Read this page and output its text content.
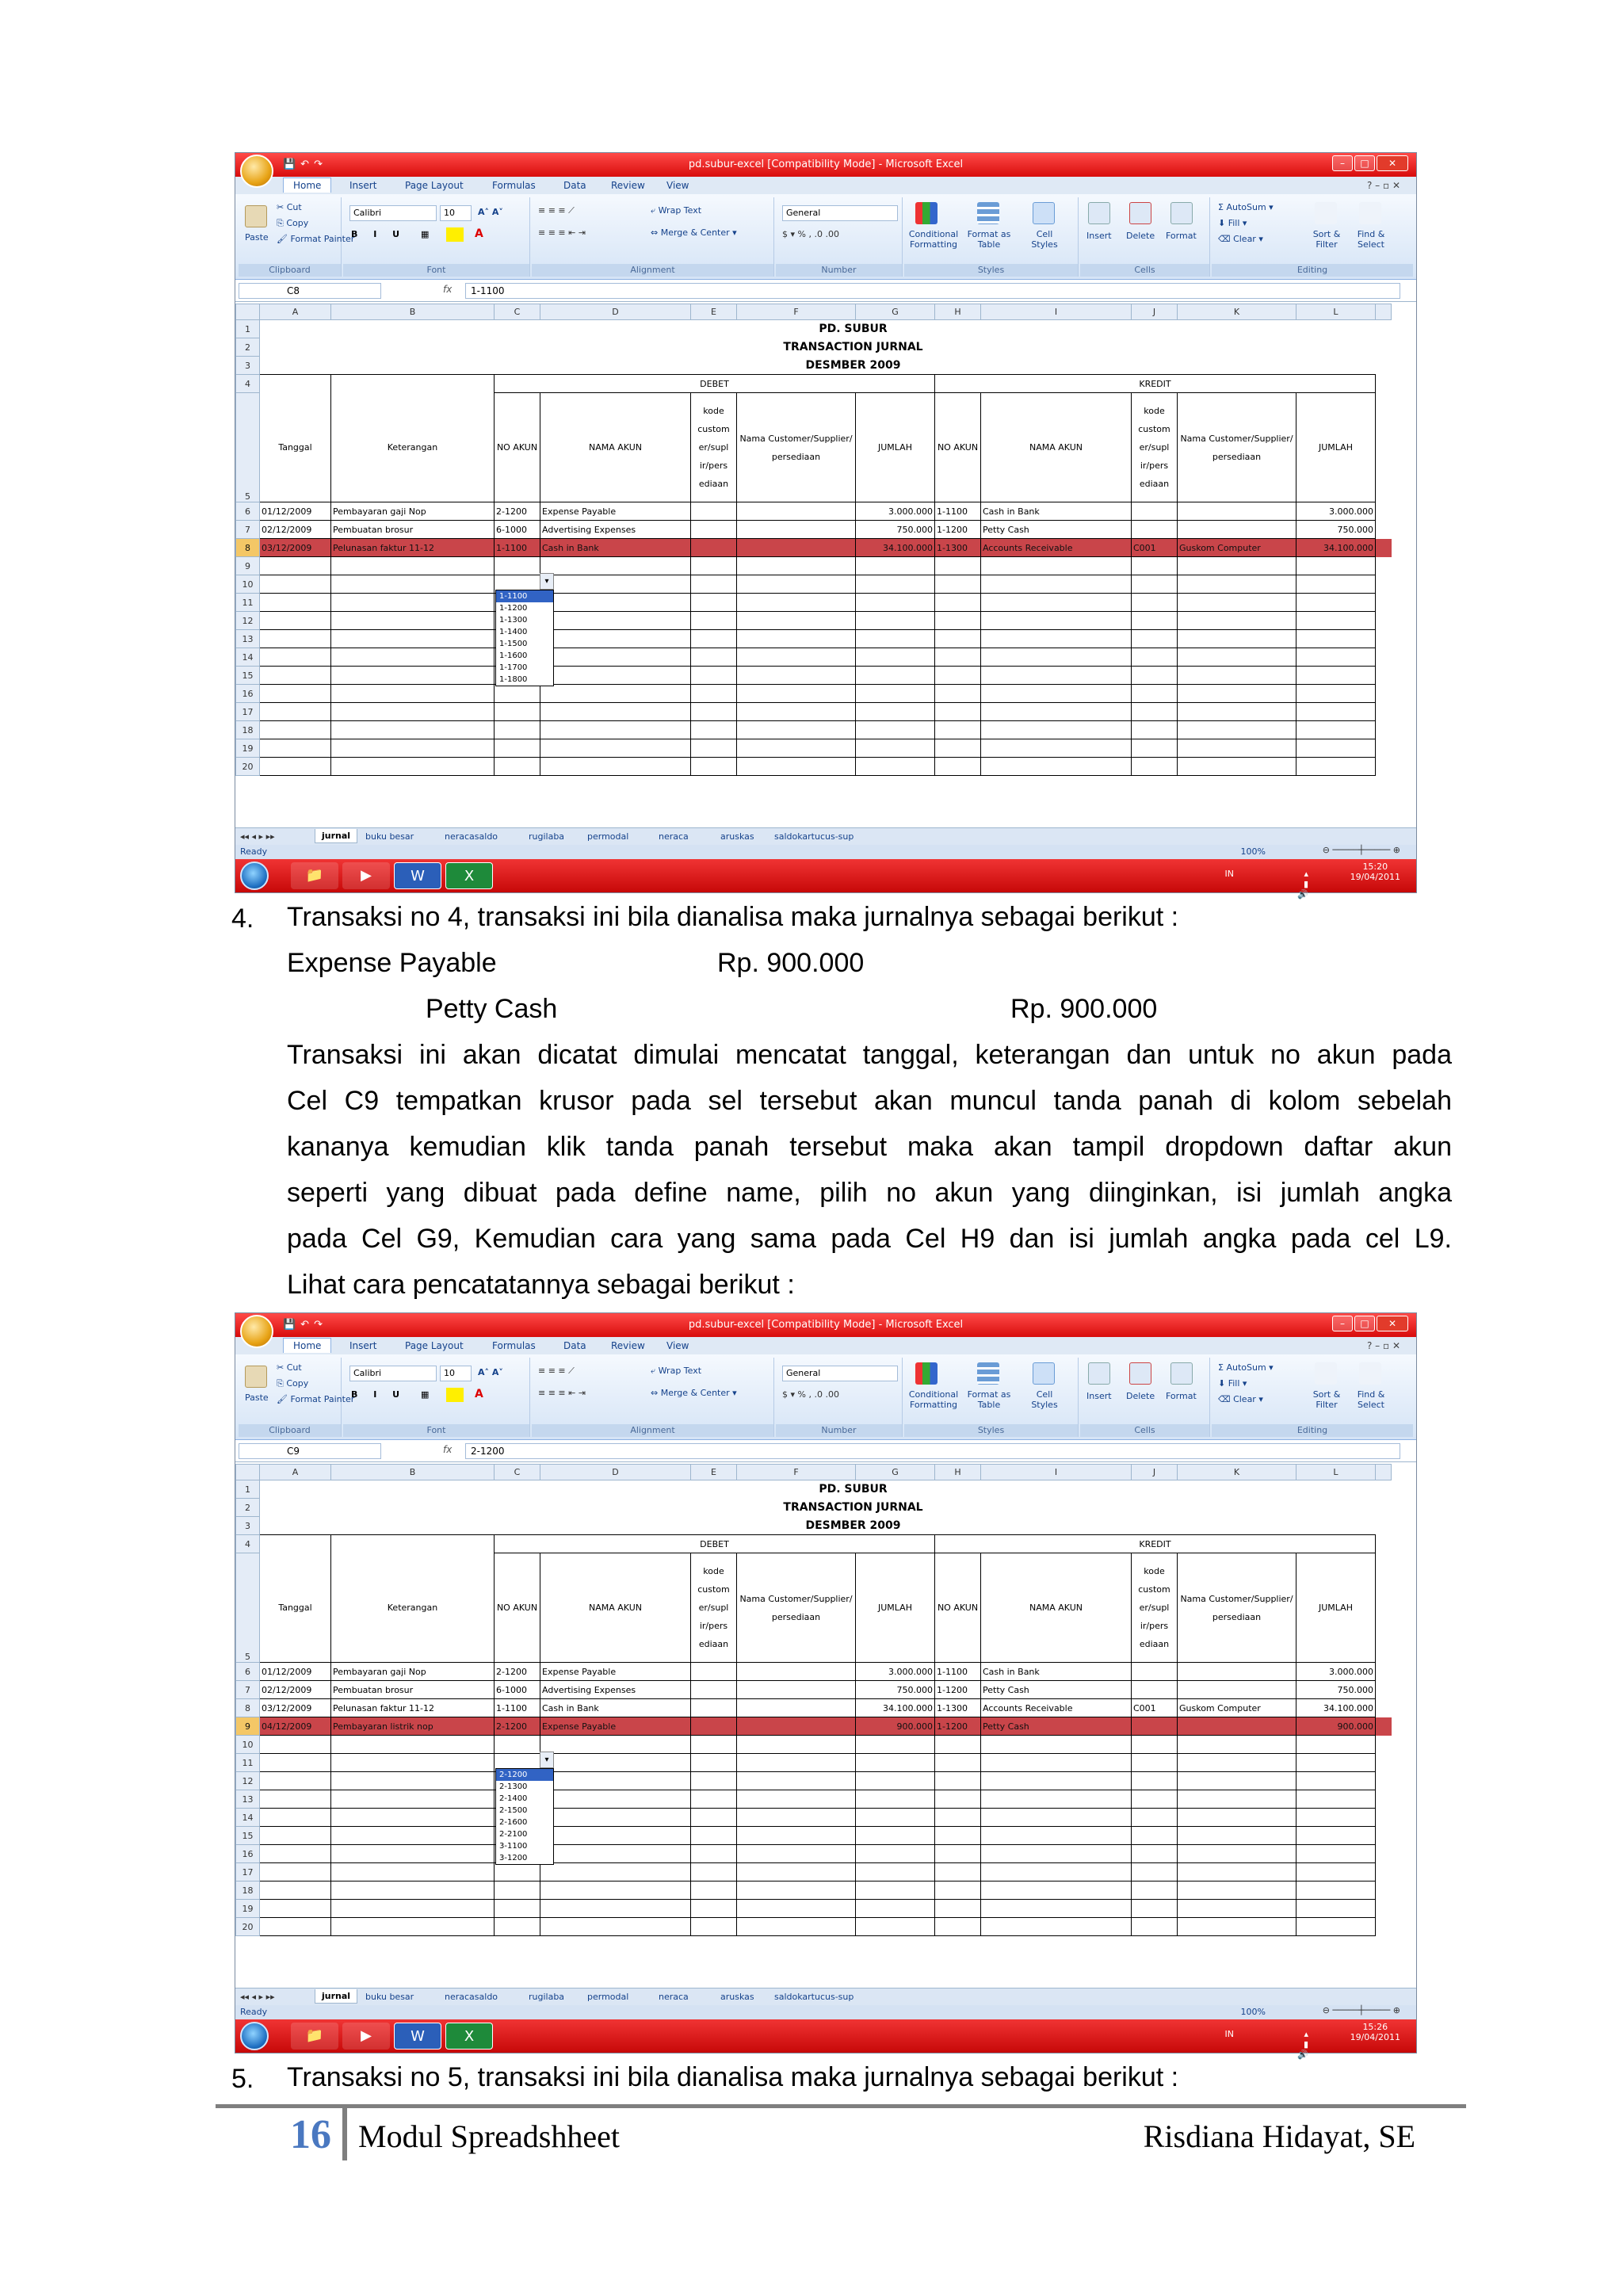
💾↶↷	pd.subur-excel [Compatibility Mode] - Microsoft Excel	–	□	✕
Home	Insert	Page Layout	Formulas	Data	Review View	? – ▫ ✕
Paste
✂ Cut
⎘ Copy
🖌 Format Painter
Clipboard
Calibri	10	A˄ A˅
B I U ▦	A
Font
≡ ≡ ≡ ⟋
≡ ≡ ≡ ⇤ ⇥
⤶ Wrap Text
⇔ Merge & Center ▾
Alignment
General
$ ▾ % , .0 .00
Number
Conditional Formatting
Format as Table
Cell Styles
Styles
Insert Delete Format
Cells
Σ AutoSum ▾
⬇ Fill ▾
⌫ Clear ▾	Sort & Filter
Find & Select
Editing
C8	fx	1-1100
	A	B	C	D	E	F	G	H	I	J	K	L	
1		PD. SUBUR											
2		TRANSACTION JURNAL											
3		DESMBER 2009											
4			DEBET					KREDIT					
5	Tanggal	Keterangan	NO AKUN	NAMA AKUN	kode custom er/supl ir/pers ediaan	Nama Customer/Supplier/ persediaan	JUMLAH	NO AKUN	NAMA AKUN	kode custom er/supl ir/pers ediaan	Nama Customer/Supplier/ persediaan	JUMLAH	
6	01/12/2009	Pembayaran gaji Nop	2-1200	Expense Payable			3.000.000	1-1100	Cash in Bank			3.000.000	
7	02/12/2009	Pembuatan brosur	6-1000	Advertising Expenses			750.000	1-1200	Petty Cash			750.000	
8	03/12/2009	Pelunasan faktur 11-12	1-1100	Cash in Bank			34.100.000	1-1300	Accounts Receivable	C001	Guskom Computer	34.100.000	
9													
10													
11													
12													
13													
14													
15													
16													
17													
18													
19													
20													
▾
1-1100
1-1200
1-1300
1-1400
1-1500
1-1600
1-1700
1-1800
◂◂ ◂ ▸ ▸▸	jurnal	buku besar	neracasaldo	rugilaba	permodal	neraca	aruskas saldokartucus-sup
Ready	100%	⊖ ─────┼───── ⊕
📁	▶	W	X	IN	▴ ▮ 🔊
15:20
19/04/2011
💾↶↷	pd.subur-excel [Compatibility Mode] - Microsoft Excel	–	□	✕
Home	Insert	Page Layout	Formulas	Data	Review View	? – ▫ ✕
Paste
✂ Cut
⎘ Copy
🖌 Format Painter
Clipboard
Calibri	10	A˄ A˅
B I U ▦	A
Font
≡ ≡ ≡ ⟋
≡ ≡ ≡ ⇤ ⇥
⤶ Wrap Text
⇔ Merge & Center ▾
Alignment
General
$ ▾ % , .0 .00
Number
Conditional Formatting
Format as Table
Cell Styles
Styles
Insert Delete Format
Cells
Σ AutoSum ▾
⬇ Fill ▾
⌫ Clear ▾	Sort & Filter
Find & Select
Editing
C9	fx	2-1200
	A	B	C	D	E	F	G	H	I	J	K	L	
1		PD. SUBUR											
2		TRANSACTION JURNAL											
3		DESMBER 2009											
4			DEBET					KREDIT					
5	Tanggal	Keterangan	NO AKUN	NAMA AKUN	kode custom er/supl ir/pers ediaan	Nama Customer/Supplier/ persediaan	JUMLAH	NO AKUN	NAMA AKUN	kode custom er/supl ir/pers ediaan	Nama Customer/Supplier/ persediaan	JUMLAH	
6	01/12/2009	Pembayaran gaji Nop	2-1200	Expense Payable			3.000.000	1-1100	Cash in Bank			3.000.000	
7	02/12/2009	Pembuatan brosur	6-1000	Advertising Expenses			750.000	1-1200	Petty Cash			750.000	
8	03/12/2009	Pelunasan faktur 11-12	1-1100	Cash in Bank			34.100.000	1-1300	Accounts Receivable	C001	Guskom Computer	34.100.000	
9	04/12/2009	Pembayaran listrik nop	2-1200	Expense Payable			900.000	1-1200	Petty Cash			900.000	
10													
11													
12													
13													
14													
15													
16													
17													
18													
19													
20													
▾
2-1200
2-1300
2-1400
2-1500
2-1600
2-2100
3-1100
3-1200
◂◂ ◂ ▸ ▸▸	jurnal	buku besar	neracasaldo	rugilaba	permodal	neraca	aruskas saldokartucus-sup
Ready	100%	⊖ ─────┼───── ⊕
📁	▶	W	X	IN	▴ ▮ 🔊
15:26
19/04/2011
4. Transaksi no 4, transaksi ini bila dianalisa maka jurnalnya sebagai berikut :
Expense Payable	Rp. 900.000
Petty Cash	Rp. 900.000
Transaksi ini akan dicatat dimulai mencatat tanggal, keterangan dan untuk no akun pada
Cel C9 tempatkan krusor pada sel tersebut akan muncul tanda panah di kolom sebelah
kananya kemudian klik tanda panah tersebut maka akan tampil dropdown daftar akun
seperti yang dibuat pada define name, pilih no akun yang diinginkan, isi jumlah angka
pada Cel G9, Kemudian cara yang sama pada Cel H9 dan isi jumlah angka pada cel L9.
Lihat cara pencatatannya sebagai berikut :
5. Transaksi no 5, transaksi ini bila dianalisa maka jurnalnya sebagai berikut :
16 Modul Spreadshheet	Risdiana Hidayat, SE
